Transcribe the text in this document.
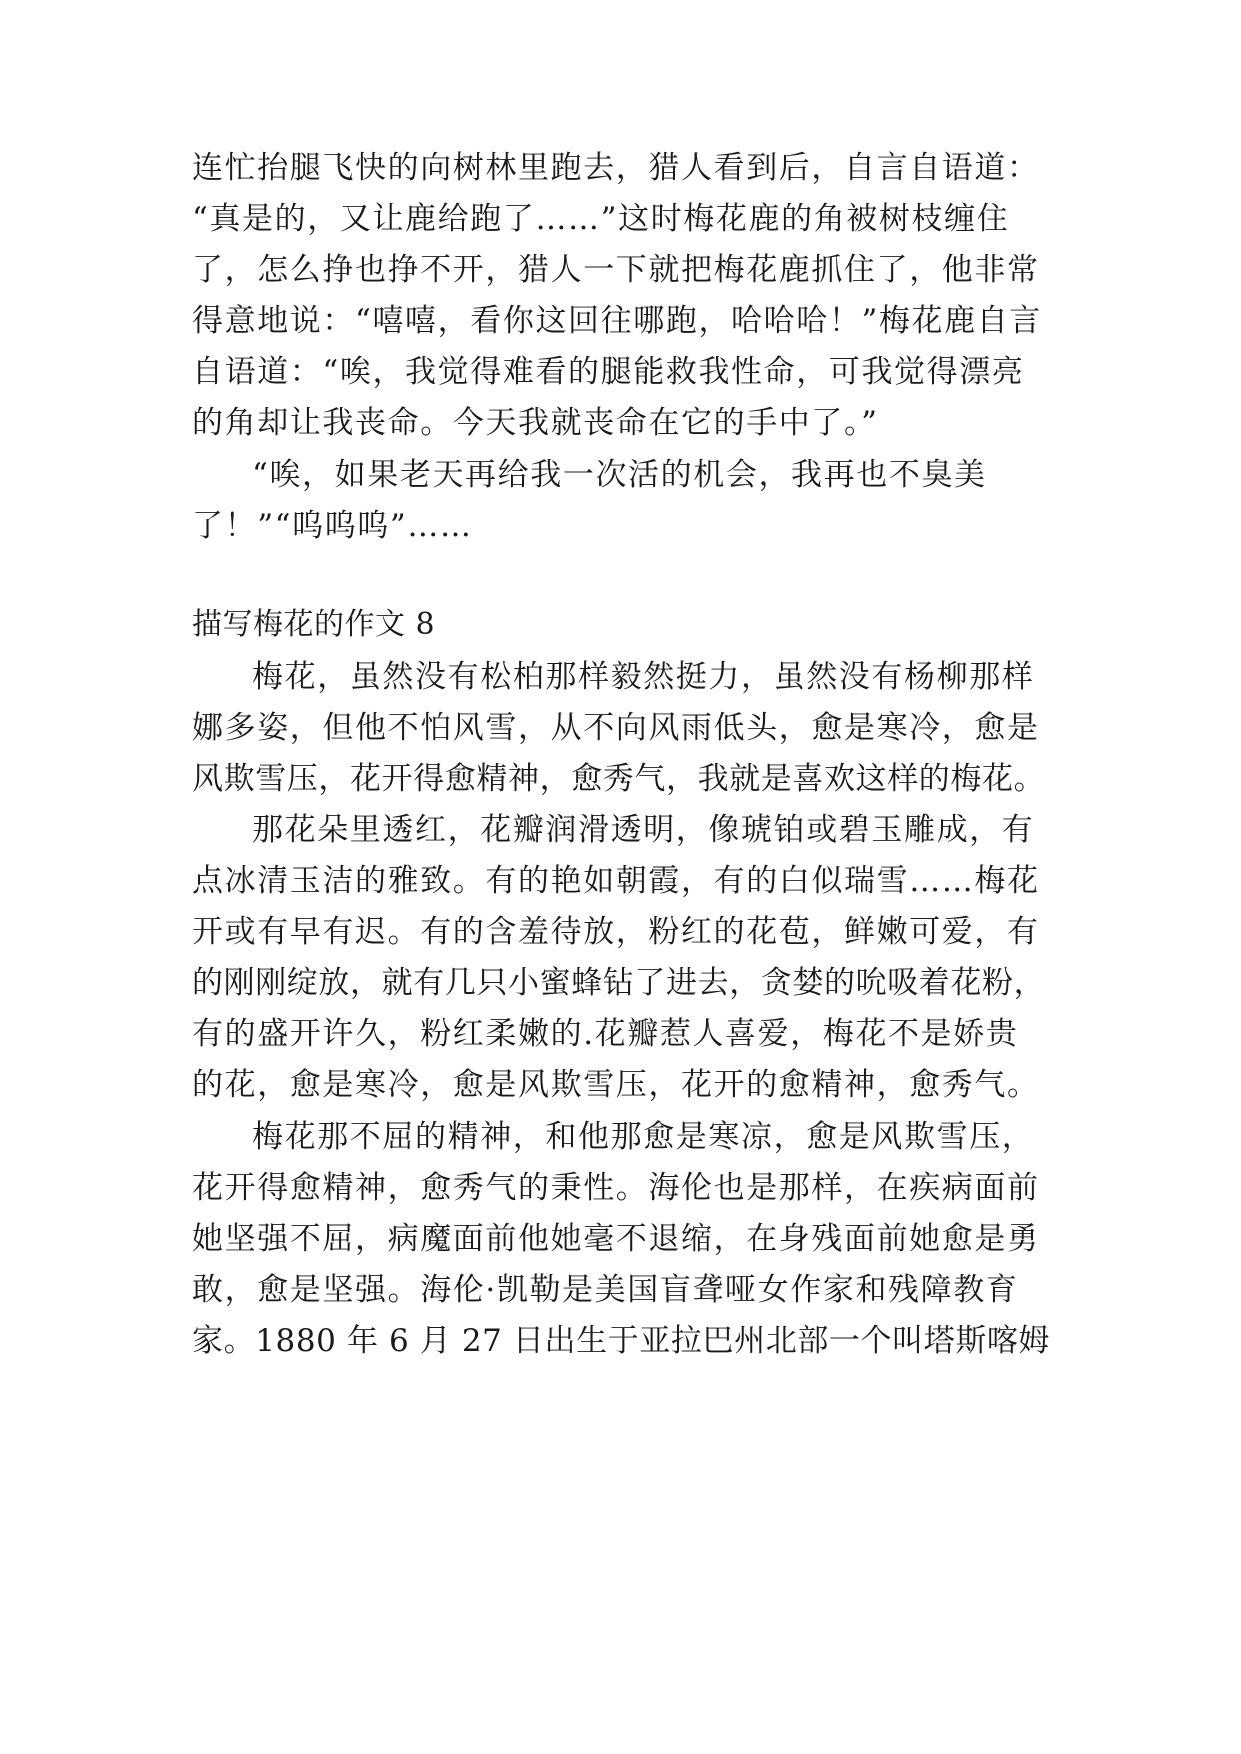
连忙抬腿飞快的向树林里跑去，猎人看到后，自言自语道：
“真是的，又让鹿给跑了……”这时梅花鹿的角被树枝缠住
了，怎么挣也挣不开，猎人一下就把梅花鹿抓住了，他非常
得意地说：“嘻嘻，看你这回往哪跑，哈哈哈！”梅花鹿自言
自语道：“唉，我觉得难看的腿能救我性命，可我觉得漂亮
的角却让我丧命。今天我就丧命在它的手中了。”
“唉，如果老天再给我一次活的机会，我再也不臭美
了！”“呜呜呜”……
描写梅花的作文 8
梅花，虽然没有松柏那样毅然挺力，虽然没有杨柳那样
娜多姿，但他不怕风雪，从不向风雨低头，愈是寒冷，愈是
风欺雪压，花开得愈精神，愈秀气，我就是喜欢这样的梅花。
那花朵里透红，花瓣润滑透明，像琥铂或碧玉雕成，有
点冰清玉洁的雅致。有的艳如朝霞，有的白似瑞雪……梅花
开或有早有迟。有的含羞待放，粉红的花苞，鲜嫩可爱，有
的刚刚绽放，就有几只小蜜蜂钻了进去，贪婪的吮吸着花粉，
有的盛开许久，粉红柔嫩的.花瓣惹人喜爱，梅花不是娇贵
的花，愈是寒冷，愈是风欺雪压，花开的愈精神，愈秀气。
梅花那不屈的精神，和他那愈是寒凉，愈是风欺雪压，
花开得愈精神，愈秀气的秉性。海伦也是那样，在疾病面前
她坚强不屈，病魔面前他她毫不退缩，在身残面前她愈是勇
敢，愈是坚强。海伦·凯勒是美国盲聋哑女作家和残障教育
家。1880 年 6 月 27 日出生于亚拉巴州北部一个叫塔斯喀姆
